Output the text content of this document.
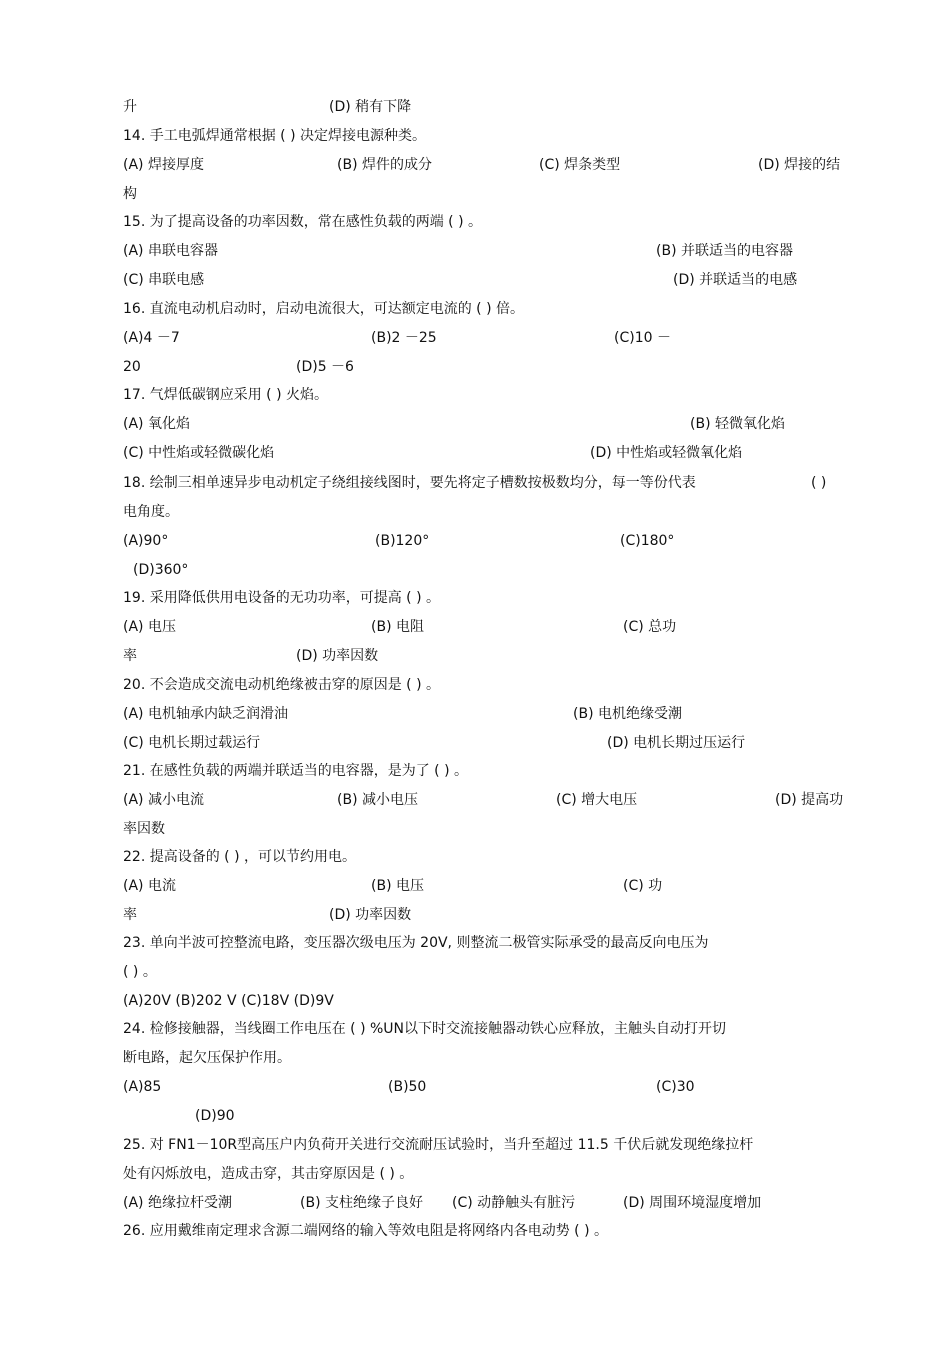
升	(D) 稍有下降
14. 手工电弧焊通常根据 ( ) 决定焊接电源种类。
(A) 焊接厚度	(B) 焊件的成分	(C) 焊条类型	(D) 焊接的结
构
15. 为了提高设备的功率因数，常在感性负载的两端 ( ) 。
(A) 串联电容器	(B) 并联适当的电容器
(C) 串联电感	(D) 并联适当的电感
16. 直流电动机启动时，启动电流很大，可达额定电流的 ( ) 倍。
(A)4 －7	(B)2 －25	(C)10 －
20	(D)5 －6
17. 气焊低碳钢应采用 ( ) 火焰。
(A) 氧化焰	(B) 轻微氧化焰
(C) 中性焰或轻微碳化焰	(D) 中性焰或轻微氧化焰
18. 绘制三相单速异步电动机定子绕组接线图时，要先将定子槽数按极数均分，每一等份代表	( )
电角度。
(A)90°	(B)120°	(C)180°
(D)360°
19. 采用降低供用电设备的无功功率，可提高 ( ) 。
(A) 电压	(B) 电阻	(C) 总功
率	(D) 功率因数
20. 不会造成交流电动机绝缘被击穿的原因是 ( ) 。
(A) 电机轴承内缺乏润滑油	(B) 电机绝缘受潮
(C) 电机长期过载运行	(D) 电机长期过压运行
21. 在感性负载的两端并联适当的电容器，是为了 ( ) 。
(A) 减小电流	(B) 减小电压	(C) 增大电压	(D) 提高功
率因数
22. 提高设备的 ( ) ，可以节约用电。
(A) 电流	(B) 电压	(C) 功
率	(D) 功率因数
23. 单向半波可控整流电路，变压器次级电压为 20V, 则整流二极管实际承受的最高反向电压为
( ) 。
(A)20V (B)202 V (C)18V (D)9V
24. 检修接触器，当线圈工作电压在 ( ) %UN以下时交流接触器动铁心应释放，主触头自动打开切
断电路，起欠压保护作用。
(A)85	(B)50	(C)30
(D)90
25. 对 FN1－10R型高压户内负荷开关进行交流耐压试验时，当升至超过 11.5 千伏后就发现绝缘拉杆
处有闪烁放电，造成击穿，其击穿原因是 ( ) 。
(A) 绝缘拉杆受潮	(B) 支柱绝缘子良好 (C) 动静触头有脏污	(D) 周围环境湿度增加
26. 应用戴维南定理求含源二端网络的输入等效电阻是将网络内各电动势 ( ) 。
